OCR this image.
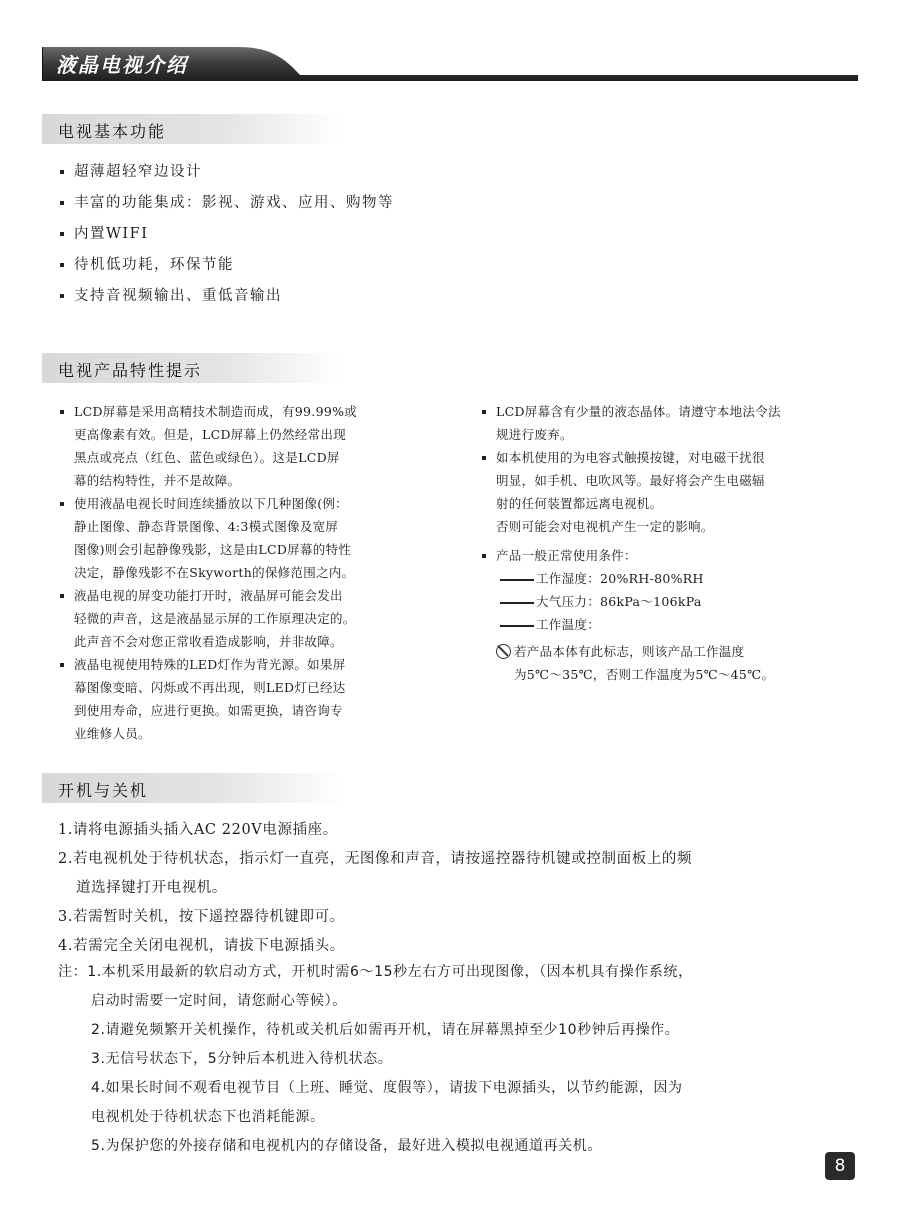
液晶电视介绍
电视基本功能
超薄超轻窄边设计
丰富的功能集成：影视、游戏、应用、购物等
内置WIFI
待机低功耗，环保节能
支持音视频输出、重低音输出
电视产品特性提示
LCD屏幕是采用高精技术制造而成，有99.99%或
更高像素有效。但是，LCD屏幕上仍然经常出现
黑点或亮点（红色、蓝色或绿色）。这是LCD屏
幕的结构特性，并不是故障。
使用液晶电视长时间连续播放以下几种图像(例：
静止图像、静态背景图像、4:3模式图像及宽屏
图像)则会引起静像残影，这是由LCD屏幕的特性
决定，静像残影不在Skyworth的保修范围之内。
液晶电视的屏变功能打开时，液晶屏可能会发出
轻微的声音，这是液晶显示屏的工作原理决定的。
此声音不会对您正常收看造成影响，并非故障。
液晶电视使用特殊的LED灯作为背光源。如果屏
幕图像变暗、闪烁或不再出现，则LED灯已经达
到使用寿命，应进行更换。如需更换，请咨询专
业维修人员。
LCD屏幕含有少量的液态晶体。请遵守本地法令法
规进行废弃。
如本机使用的为电容式触摸按键，对电磁干扰很
明显，如手机、电吹风等。最好将会产生电磁辐
射的任何装置都远离电视机。
否则可能会对电视机产生一定的影响。
产品一般正常使用条件：
工作湿度：20%RH-80%RH
大气压力：86kPa～106kPa
工作温度：
若产品本体有此标志，则该产品工作温度
为5℃～35℃，否则工作温度为5℃～45℃。
开机与关机

1.请将电源插头插入AC 220V电源插座。

2.若电视机处于待机状态，指示灯一直亮，无图像和声音，请按遥控器待机键或控制面板上的频

道选择键打开电视机。

3.若需暂时关机，按下遥控器待机键即可。

4.若需完全关闭电视机，请拔下电源插头。

注：1.本机采用最新的软启动方式，开机时需6～15秒左右方可出现图像，（因本机具有操作系统，

启动时需要一定时间，请您耐心等候）。

2.请避免频繁开关机操作，待机或关机后如需再开机，请在屏幕黑掉至少10秒钟后再操作。

3.无信号状态下，5分钟后本机进入待机状态。

4.如果长时间不观看电视节目（上班、睡觉、度假等），请拔下电源插头，以节约能源，因为

电视机处于待机状态下也消耗能源。

5.为保护您的外接存储和电视机内的存储设备，最好进入模拟电视通道再关机。

8
